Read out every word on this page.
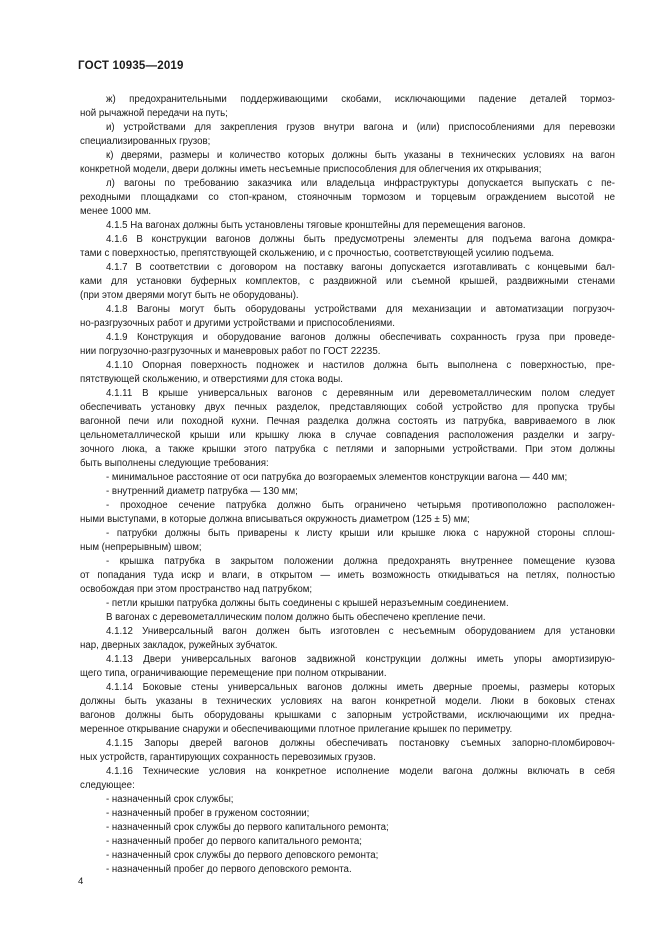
ГОСТ 10935—2019
ж) предохранительными поддерживающими скобами, исключающими падение деталей тормоз-
ной рычажной передачи на путь;
и) устройствами для закрепления грузов внутри вагона и (или) приспособлениями для перевозки
специализированных грузов;
к) дверями, размеры и количество которых должны быть указаны в технических условиях на вагон
конкретной модели, двери должны иметь несъемные приспособления для облегчения их открывания;
л) вагоны по требованию заказчика или владельца инфраструктуры допускается выпускать с пе-
реходными площадками со стоп-краном, стояночным тормозом и торцевым ограждением высотой не
менее 1000 мм.
4.1.5 На вагонах должны быть установлены тяговые кронштейны для перемещения вагонов.
4.1.6 В конструкции вагонов должны быть предусмотрены элементы для подъема вагона домкра-
тами с поверхностью, препятствующей скольжению, и с прочностью, соответствующей усилию подъема.
4.1.7 В соответствии с договором на поставку вагоны допускается изготавливать с концевыми бал-
ками для установки буферных комплектов, с раздвижной или съемной крышей, раздвижными стенами
(при этом дверями могут быть не оборудованы).
4.1.8 Вагоны могут быть оборудованы устройствами для механизации и автоматизации погрузоч-
но-разгрузочных работ и другими устройствами и приспособлениями.
4.1.9 Конструкция и оборудование вагонов должны обеспечивать сохранность груза при проведе-
нии погрузочно-разгрузочных и маневровых работ по ГОСТ 22235.
4.1.10 Опорная поверхность подножек и настилов должна быть выполнена с поверхностью, пре-
пятствующей скольжению, и отверстиями для стока воды.
4.1.11 В крыше универсальных вагонов с деревянным или деревометаллическим полом следует
обеспечивать установку двух печных разделок, представляющих собой устройство для пропуска трубы
вагонной печи или походной кухни. Печная разделка должна состоять из патрубка, вавриваемого в люк
цельнометаллической крыши или крышку люка в случае совпадения расположения разделки и загру-
зочного люка, а также крышки этого патрубка с петлями и запорными устройствами. При этом должны
быть выполнены следующие требования:
- минимальное расстояние от оси патрубка до возгораемых элементов конструкции вагона — 440 мм;
- внутренний диаметр патрубка — 130 мм;
- проходное сечение патрубка должно быть ограничено четырьмя противоположно расположен-
ными выступами, в которые должна вписываться окружность диаметром (125 ± 5) мм;
- патрубки должны быть приварены к листу крыши или крышке люка с наружной стороны сплош-
ным (непрерывным) швом;
- крышка патрубка в закрытом положении должна предохранять внутреннее помещение кузова
от попадания туда искр и влаги, в открытом — иметь возможность откидываться на петлях, полностью
освобождая при этом пространство над патрубком;
- петли крышки патрубка должны быть соединены с крышей неразъемным соединением.
В вагонах с деревометаллическим полом должно быть обеспечено крепление печи.
4.1.12 Универсальный вагон должен быть изготовлен с несъемным оборудованием для установки
нар, дверных закладок, ружейных зубчаток.
4.1.13 Двери универсальных вагонов задвижной конструкции должны иметь упоры амортизирую-
щего типа, ограничивающие перемещение при полном открывании.
4.1.14 Боковые стены универсальных вагонов должны иметь дверные проемы, размеры которых
должны быть указаны в технических условиях на вагон конкретной модели. Люки в боковых стенах
вагонов должны быть оборудованы крышками с запорным устройствами, исключающими их предна-
меренное открывание снаружи и обеспечивающими плотное прилегание крышек по периметру.
4.1.15 Запоры дверей вагонов должны обеспечивать постановку съемных запорно-пломбировоч-
ных устройств, гарантирующих сохранность перевозимых грузов.
4.1.16 Технические условия на конкретное исполнение модели вагона должны включать в себя
следующее:
- назначенный срок службы;
- назначенный пробег в груженом состоянии;
- назначенный срок службы до первого капитального ремонта;
- назначенный пробег до первого капитального ремонта;
- назначенный срок службы до первого деповского ремонта;
- назначенный пробег до первого деповского ремонта.
4
